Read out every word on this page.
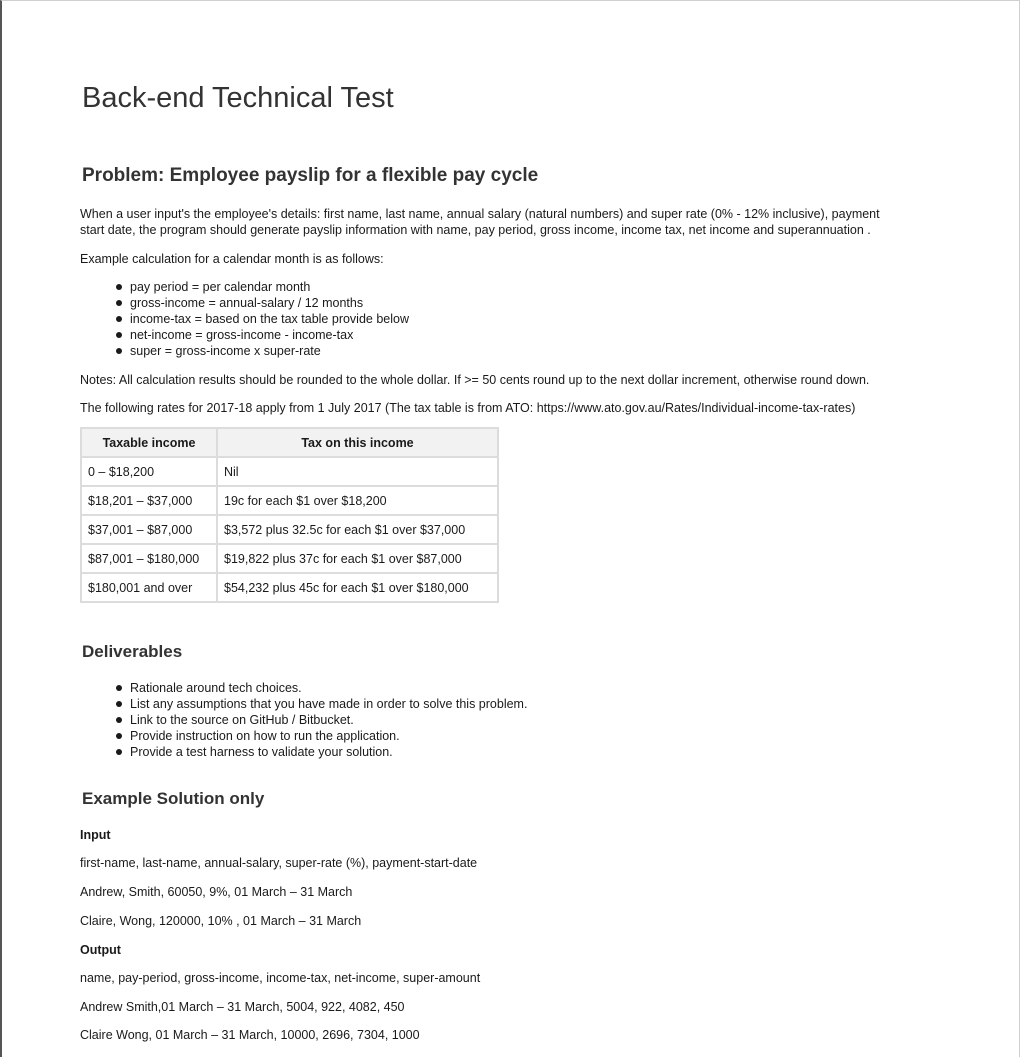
Back-end Technical Test
Problem: Employee payslip for a flexible pay cycle

When a user input's the employee's details: first name, last name, annual salary (natural numbers) and super rate (0% - 12% inclusive), payment

start date, the program should generate payslip information with name, pay period, gross income, income tax, net income and superannuation .

Example calculation for a calendar month is as follows:

pay period = per calendar month
gross-income = annual-salary / 12 months
income-tax = based on the tax table provide below
net-income = gross-income - income-tax
super = gross-income x super-rate

Notes: All calculation results should be rounded to the whole dollar. If >= 50 cents round up to the next dollar increment, otherwise round down.

The following rates for 2017-18 apply from 1 July 2017 (The tax table is from ATO: https://www.ato.gov.au/Rates/Individual-income-tax-rates)

Taxable income	Tax on this income
0 – $18,200	Nil
$18,201 – $37,000	19c for each $1 over $18,200
$37,001 – $87,000	$3,572 plus 32.5c for each $1 over $37,000
$87,001 – $180,000	$19,822 plus 37c for each $1 over $87,000
$180,001 and over	$54,232 plus 45c for each $1 over $180,000
Deliverables
Rationale around tech choices.
List any assumptions that you have made in order to solve this problem.
Link to the source on GitHub / Bitbucket.
Provide instruction on how to run the application.
Provide a test harness to validate your solution.
Example Solution only

Input

first-name, last-name, annual-salary, super-rate (%), payment-start-date

Andrew, Smith, 60050, 9%, 01 March – 31 March

Claire, Wong, 120000, 10% , 01 March – 31 March

Output

name, pay-period, gross-income, income-tax, net-income, super-amount

Andrew Smith,01 March – 31 March, 5004, 922, 4082, 450

Claire Wong, 01 March – 31 March, 10000, 2696, 7304, 1000
